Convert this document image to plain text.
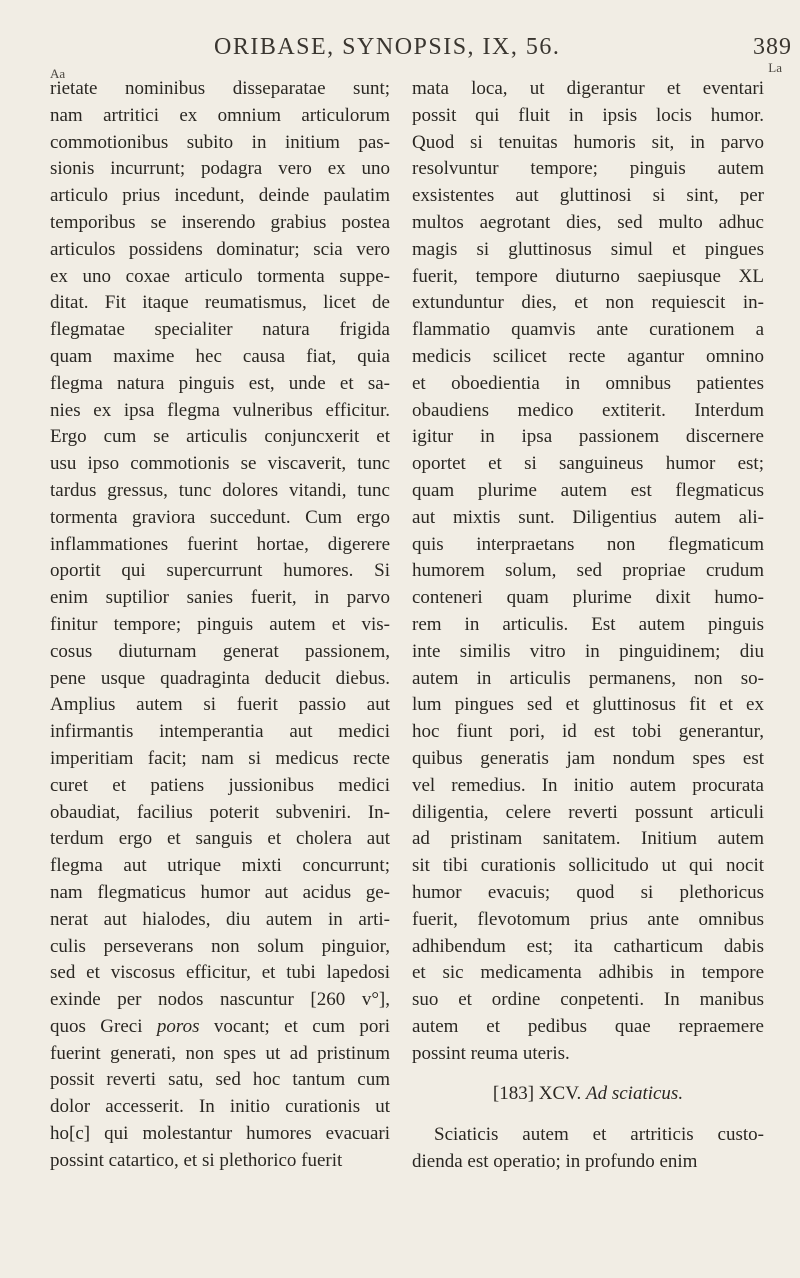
ORIBASE, SYNOPSIS, IX, 56.	389
Aa	La
rietate nominibus disseparatae sunt;
nam artritici ex omnium articulorum
commotionibus subito in initium pas-
sionis incurrunt; podagra vero ex uno
articulo prius incedunt, deinde paulatim
temporibus se inserendo grabius postea
articulos possidens dominatur; scia vero
ex uno coxae articulo tormenta suppe-
ditat. Fit itaque reumatismus, licet de
flegmatae specialiter natura frigida
quam maxime hec causa fiat, quia
flegma natura pinguis est, unde et sa-
nies ex ipsa flegma vulneribus efficitur.
Ergo cum se articulis conjuncxerit et
usu ipso commotionis se viscaverit, tunc
tardus gressus, tunc dolores vitandi, tunc
tormenta graviora succedunt. Cum ergo
inflammationes fuerint hortae, digerere
oportit qui supercurrunt humores. Si
enim suptilior sanies fuerit, in parvo
finitur tempore; pinguis autem et vis-
cosus diuturnam generat passionem,
pene usque quadraginta deducit diebus.
Amplius autem si fuerit passio aut
infirmantis intemperantia aut medici
imperitiam facit; nam si medicus recte
curet et patiens jussionibus medici
obaudiat, facilius poterit subveniri. In-
terdum ergo et sanguis et cholera aut
flegma aut utrique mixti concurrunt;
nam flegmaticus humor aut acidus ge-
nerat aut hialodes, diu autem in arti-
culis perseverans non solum pinguior,
sed et viscosus efficitur, et tubi lapedosi
exinde per nodos nascuntur [260 v°],
quos Greci poros vocant; et cum pori
fuerint generati, non spes ut ad pristinum
possit reverti satu, sed hoc tantum cum
dolor accesserit. In initio curationis ut
ho[c] qui molestantur humores evacuari
possint catartico, et si plethorico fuerit
mata loca, ut digerantur et eventari
possit qui fluit in ipsis locis humor.
Quod si tenuitas humoris sit, in parvo
resolvuntur tempore; pinguis autem
exsistentes aut gluttinosi si sint, per
multos aegrotant dies, sed multo adhuc
magis si gluttinosus simul et pingues
fuerit, tempore diuturno saepiusque XL
extunduntur dies, et non requiescit in-
flammatio quamvis ante curationem a
medicis scilicet recte agantur omnino
et oboedientia in omnibus patientes
obaudiens medico extiterit. Interdum
igitur in ipsa passionem discernere
oportet et si sanguineus humor est;
quam plurime autem est flegmaticus
aut mixtis sunt. Diligentius autem ali-
quis interpraetans non flegmaticum
humorem solum, sed propriae crudum
conteneri quam plurime dixit humo-
rem in articulis. Est autem pinguis
inte similis vitro in pinguidinem; diu
autem in articulis permanens, non so-
lum pingues sed et gluttinosus fit et ex
hoc fiunt pori, id est tobi generantur,
quibus generatis jam nondum spes est
vel remedius. In initio autem procurata
diligentia, celere reverti possunt articuli
ad pristinam sanitatem. Initium autem
sit tibi curationis sollicitudo ut qui nocit
humor evacuis; quod si plethoricus
fuerit, flevotomum prius ante omnibus
adhibendum est; ita catharticum dabis
et sic medicamenta adhibis in tempore
suo et ordine conpetenti. In manibus
autem et pedibus quae repraemere
possint reuma uteris.
[183] XCV. Ad sciaticus.
Sciaticis autem et artriticis custo-
dienda est operatio; in profundo enim
